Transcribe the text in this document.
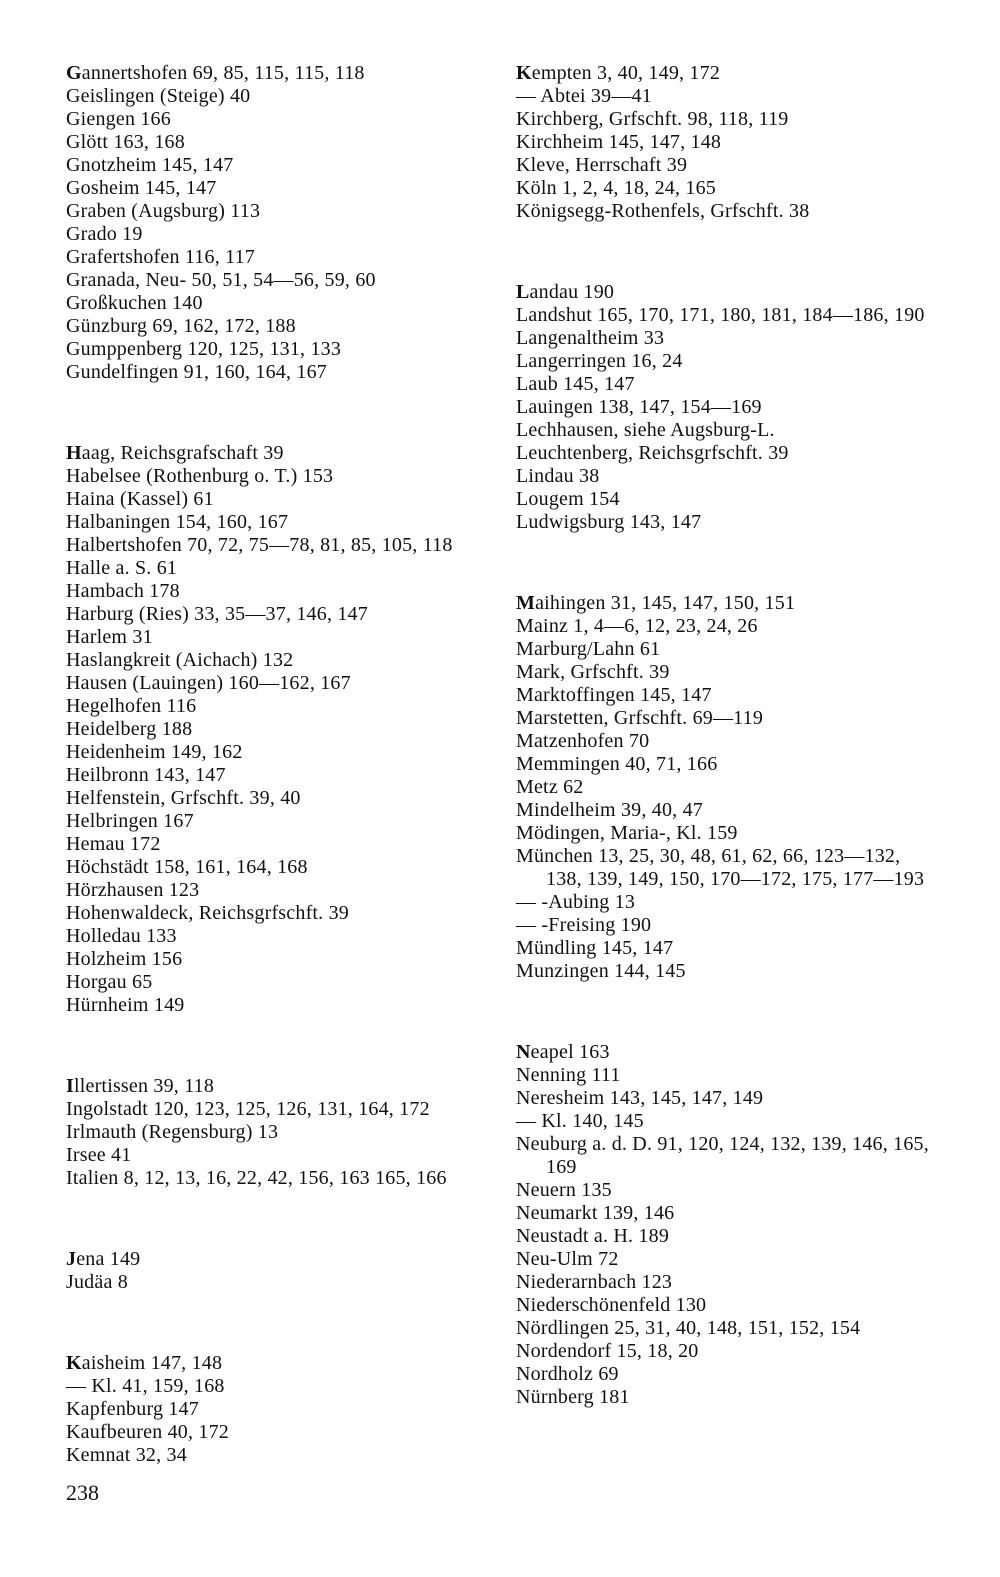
Gannertshofen 69, 85, 115, 115, 118
Geislingen (Steige) 40
Giengen 166
Glött 163, 168
Gnotzheim 145, 147
Gosheim 145, 147
Graben (Augsburg) 113
Grado 19
Grafertshofen 116, 117
Granada, Neu- 50, 51, 54—56, 59, 60
Großkuchen 140
Günzburg 69, 162, 172, 188
Gumppenberg 120, 125, 131, 133
Gundelfingen 91, 160, 164, 167
Haag, Reichsgrafschaft 39
Habelsee (Rothenburg o. T.) 153
Haina (Kassel) 61
Halbaningen 154, 160, 167
Halbertshofen 70, 72, 75—78, 81, 85, 105, 118
Halle a. S. 61
Hambach 178
Harburg (Ries) 33, 35—37, 146, 147
Harlem 31
Haslangkreit (Aichach) 132
Hausen (Lauingen) 160—162, 167
Hegelhofen 116
Heidelberg 188
Heidenheim 149, 162
Heilbronn 143, 147
Helfenstein, Grfschft. 39, 40
Helbringen 167
Hemau 172
Höchstädt 158, 161, 164, 168
Hörzhausen 123
Hohenwaldeck, Reichsgrfschft. 39
Holledau 133
Holzheim 156
Horgau 65
Hürnheim 149
Illertissen 39, 118
Ingolstadt 120, 123, 125, 126, 131, 164, 172
Irlmauth (Regensburg) 13
Irsee 41
Italien 8, 12, 13, 16, 22, 42, 156, 163 165, 166
Jena 149
Judäa 8
Kaisheim 147, 148
— Kl. 41, 159, 168
Kapfenburg 147
Kaufbeuren 40, 172
Kemnat 32, 34
Kempten 3, 40, 149, 172
— Abtei 39—41
Kirchberg, Grfschft. 98, 118, 119
Kirchheim 145, 147, 148
Kleve, Herrschaft 39
Köln 1, 2, 4, 18, 24, 165
Königsegg-Rothenfels, Grfschft. 38
Landau 190
Landshut 165, 170, 171, 180, 181, 184—186, 190
Langenaltheim 33
Langerringen 16, 24
Laub 145, 147
Lauingen 138, 147, 154—169
Lechhausen, siehe Augsburg-L.
Leuchtenberg, Reichsgrfschft. 39
Lindau 38
Lougem 154
Ludwigsburg 143, 147
Maihingen 31, 145, 147, 150, 151
Mainz 1, 4—6, 12, 23, 24, 26
Marburg/Lahn 61
Mark, Grfschft. 39
Marktoffingen 145, 147
Marstetten, Grfschft. 69—119
Matzenhofen 70
Memmingen 40, 71, 166
Metz 62
Mindelheim 39, 40, 47
Mödingen, Maria-, Kl. 159
München 13, 25, 30, 48, 61, 62, 66, 123—132, 138, 139, 149, 150, 170—172, 175, 177—193
— -Aubing 13
— -Freising 190
Mündling 145, 147
Munzingen 144, 145
Neapel 163
Nenning 111
Neresheim 143, 145, 147, 149
— Kl. 140, 145
Neuburg a. d. D. 91, 120, 124, 132, 139, 146, 165, 169
Neuern 135
Neumarkt 139, 146
Neustadt a. H. 189
Neu-Ulm 72
Niederarnbach 123
Niederschönenfeld 130
Nördlingen 25, 31, 40, 148, 151, 152, 154
Nordendorf 15, 18, 20
Nordholz 69
Nürnberg 181
238
